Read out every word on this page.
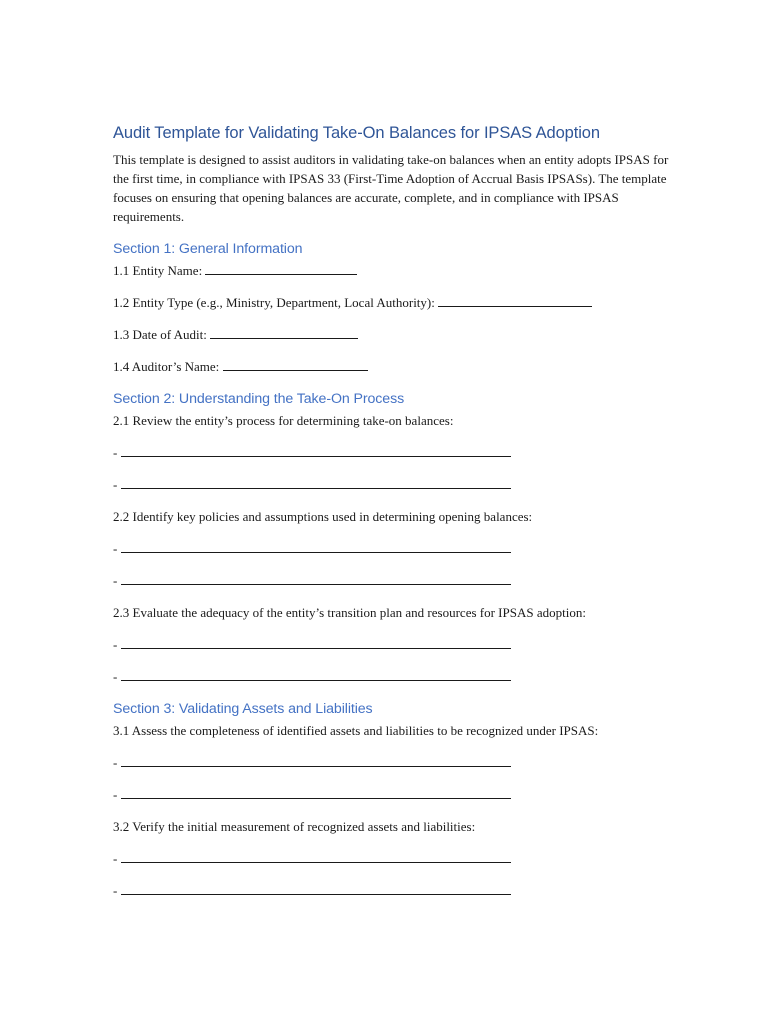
Audit Template for Validating Take-On Balances for IPSAS Adoption

This template is designed to assist auditors in validating take-on balances when an entity adopts IPSAS for the first time, in compliance with IPSAS 33 (First-Time Adoption of Accrual Basis IPSASs). The template focuses on ensuring that opening balances are accurate, complete, and in compliance with IPSAS requirements.

Section 1: General Information

1.1 Entity Name:

1.2 Entity Type (e.g., Ministry, Department, Local Authority):

1.3 Date of Audit:

1.4 Auditor’s Name:

Section 2: Understanding the Take-On Process

2.1 Review the entity’s process for determining take-on balances:

-

-

2.2 Identify key policies and assumptions used in determining opening balances:

-

-

2.3 Evaluate the adequacy of the entity’s transition plan and resources for IPSAS adoption:

-

-

Section 3: Validating Assets and Liabilities

3.1 Assess the completeness of identified assets and liabilities to be recognized under IPSAS:

-

-

3.2 Verify the initial measurement of recognized assets and liabilities:

-

-
